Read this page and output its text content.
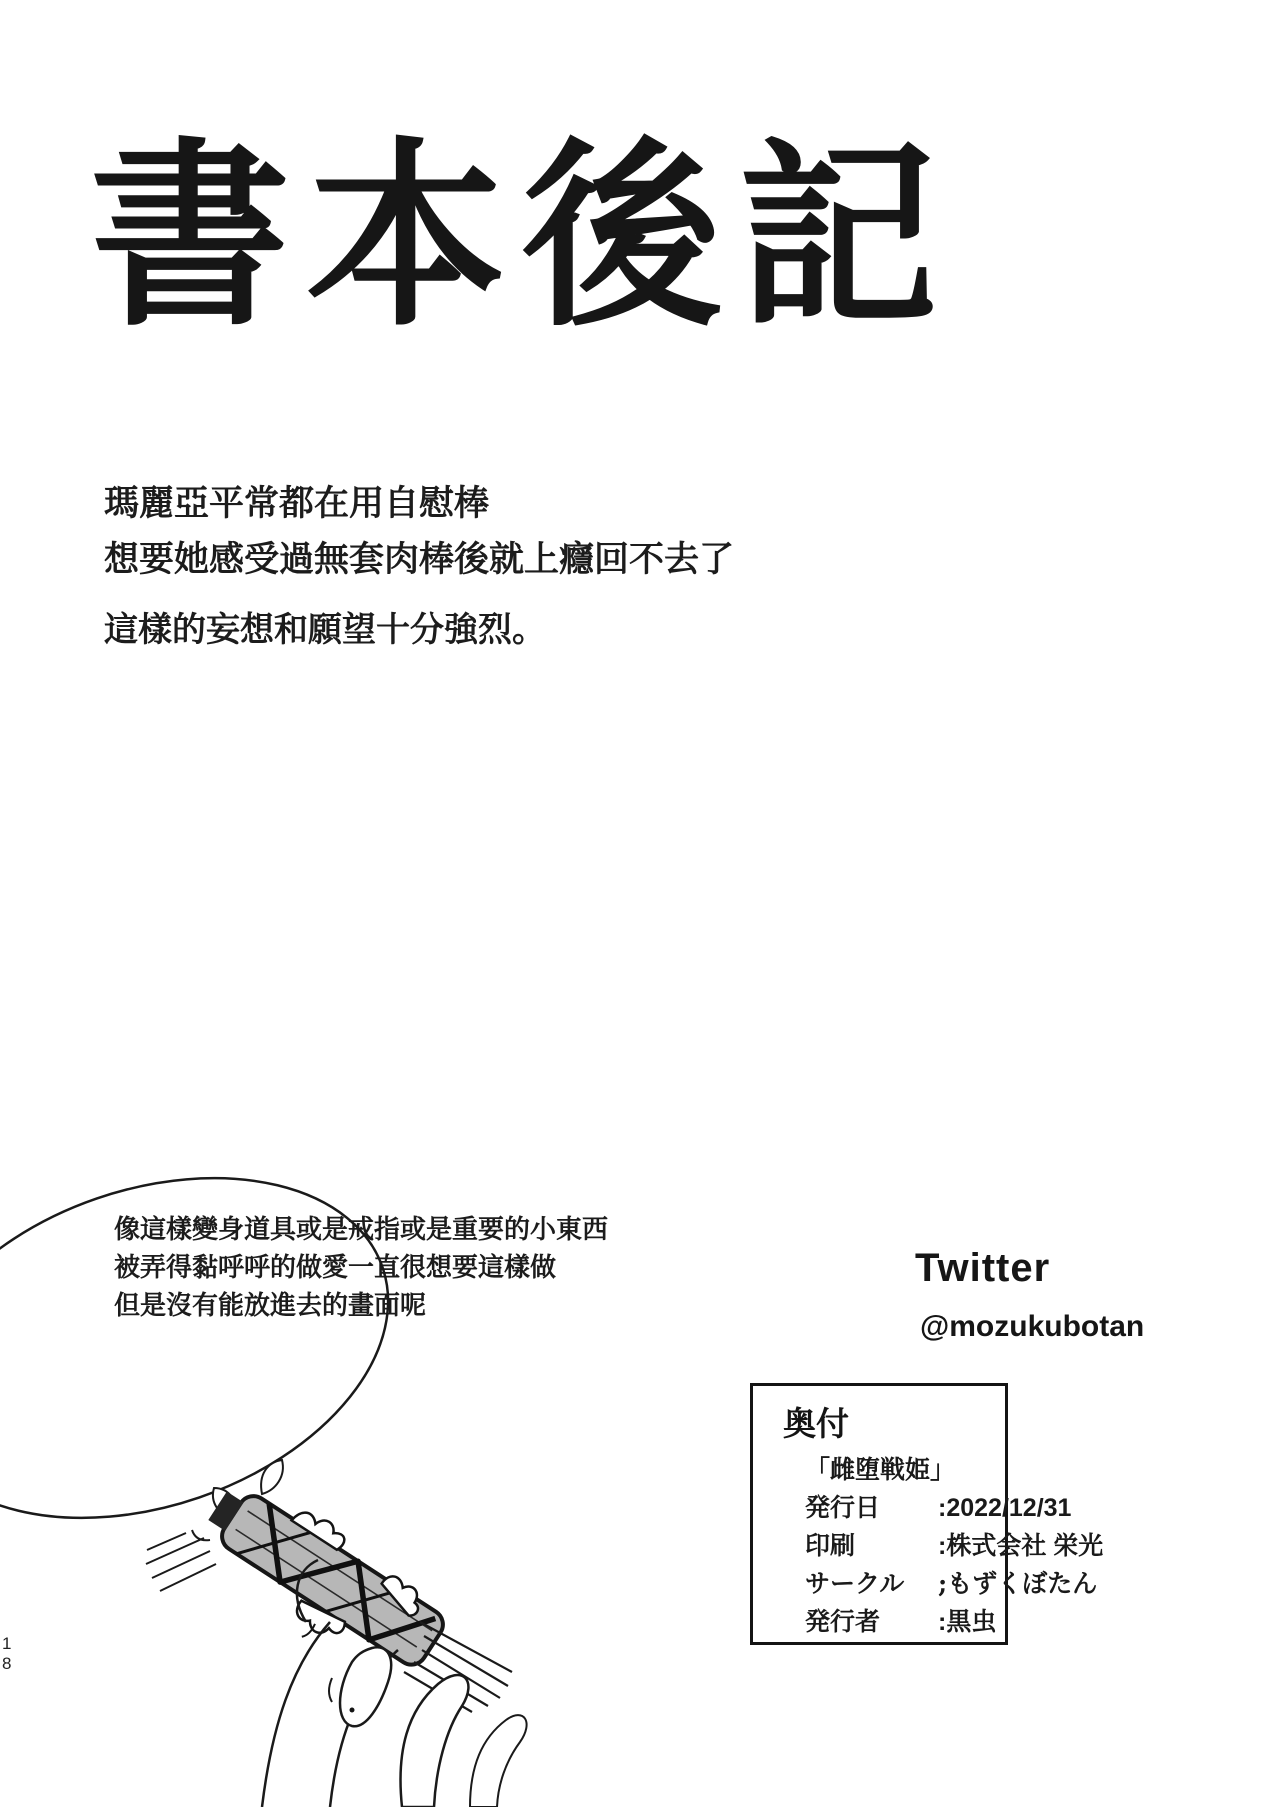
書本後記
瑪麗亞平常都在用自慰棒
想要她感受過無套肉棒後就上癮回不去了
這樣的妄想和願望十分強烈。
像這樣變身道具或是戒指或是重要的小東西
被弄得黏呼呼的做愛一直很想要這樣做
但是沒有能放進去的畫面呢
Twitter
@mozukubotan
奥付
「雌堕戦姫」
発行日	:2022/12/31
印刷	:株式会社 栄光
サークル	;もずくぼたん
発行者	:黒虫
1
8
